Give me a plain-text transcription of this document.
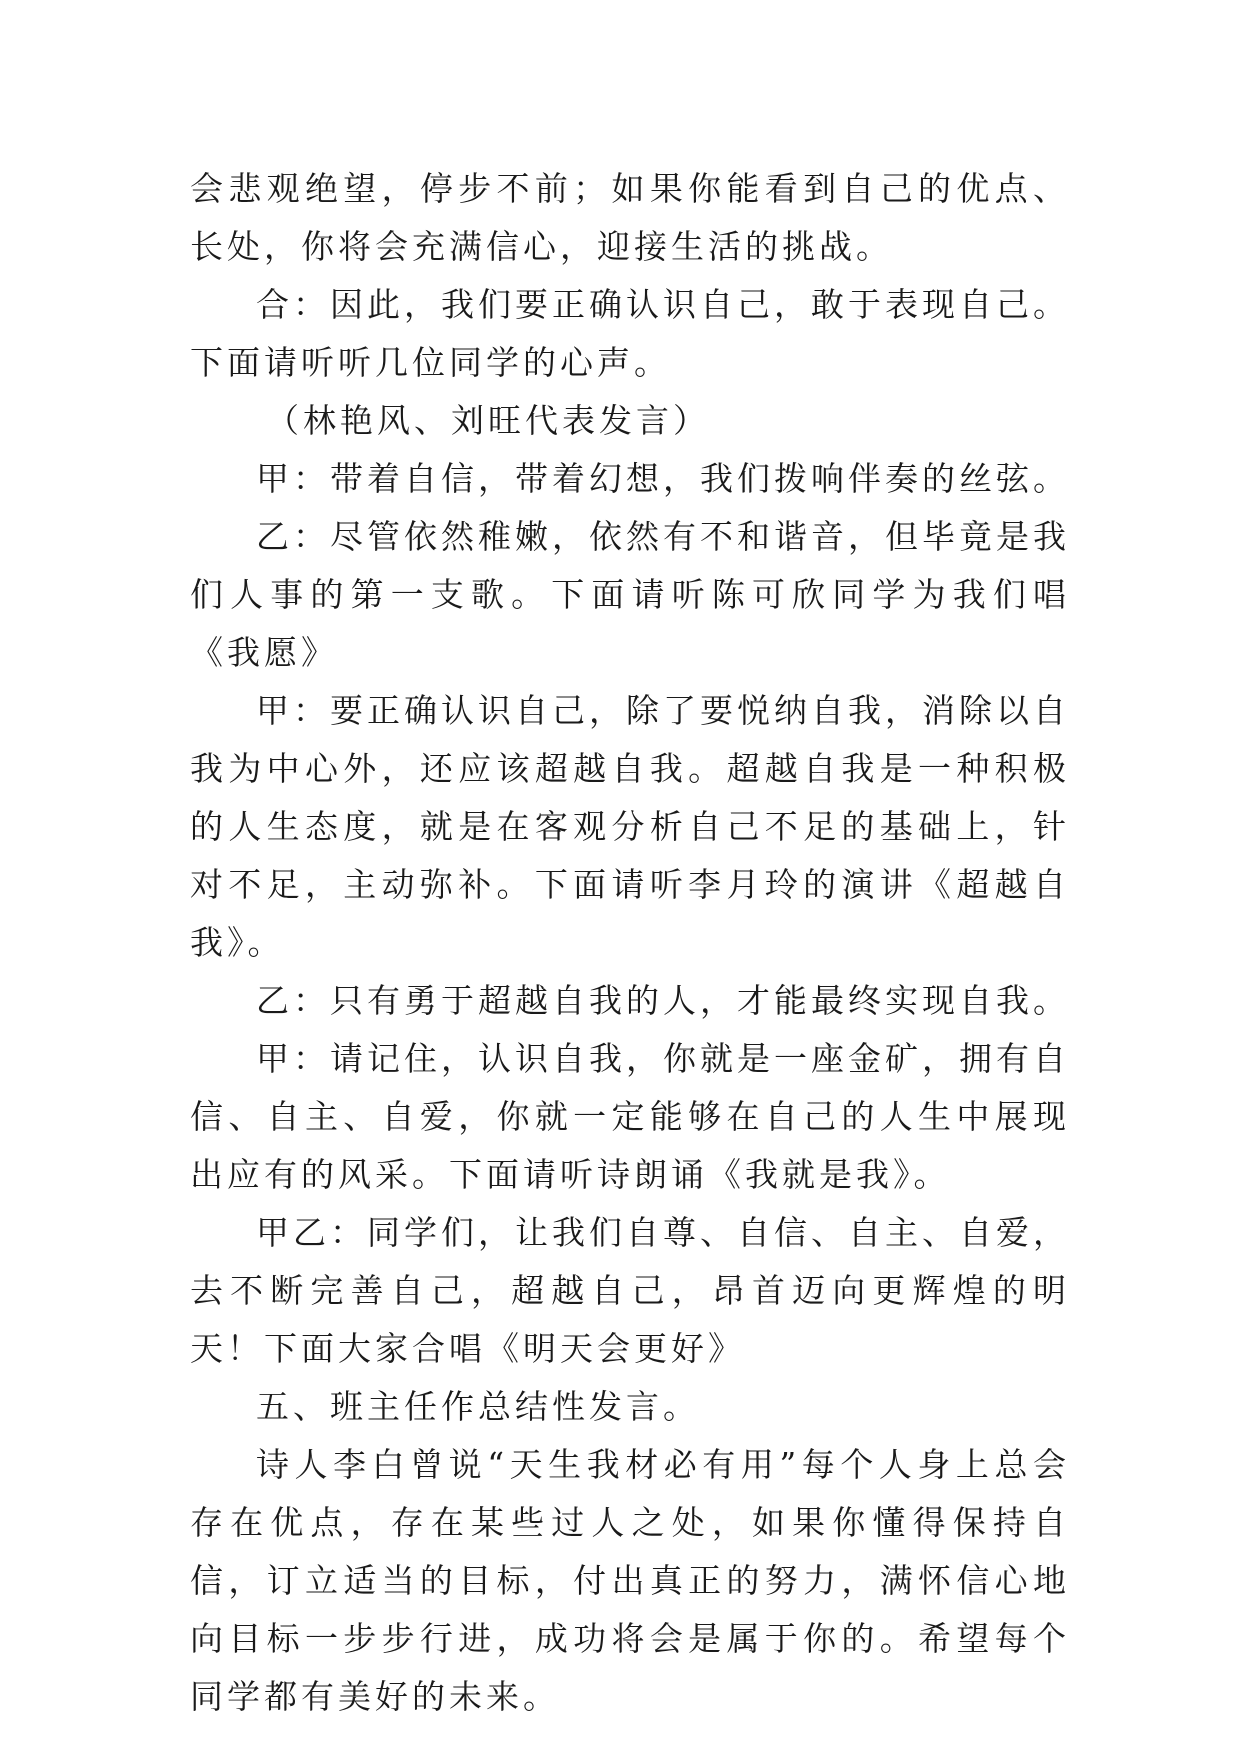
会悲观绝望，停步不前；如果你能看到自己的优点、长处，你将会充满信心，迎接生活的挑战。

合：因此，我们要正确认识自己，敢于表现自己。下面请听听几位同学的心声。

（林艳风、刘旺代表发言）

甲：带着自信，带着幻想，我们拨响伴奏的丝弦。

乙：尽管依然稚嫩，依然有不和谐音，但毕竟是我们人事的第一支歌。下面请听陈可欣同学为我们唱《我愿》

甲：要正确认识自己，除了要悦纳自我，消除以自我为中心外，还应该超越自我。超越自我是一种积极的人生态度，就是在客观分析自己不足的基础上，针对不足，主动弥补。下面请听李月玲的演讲《超越自我》。

乙：只有勇于超越自我的人，才能最终实现自我。

甲：请记住，认识自我，你就是一座金矿，拥有自信、自主、自爱，你就一定能够在自己的人生中展现出应有的风采。下面请听诗朗诵《我就是我》。

甲乙：同学们，让我们自尊、自信、自主、自爱，去不断完善自己，超越自己，昂首迈向更辉煌的明天！下面大家合唱《明天会更好》

五、班主任作总结性发言。

诗人李白曾说“天生我材必有用”每个人身上总会存在优点，存在某些过人之处，如果你懂得保持自信，订立适当的目标，付出真正的努力，满怀信心地向目标一步步行进，成功将会是属于你的。希望每个同学都有美好的未来。
